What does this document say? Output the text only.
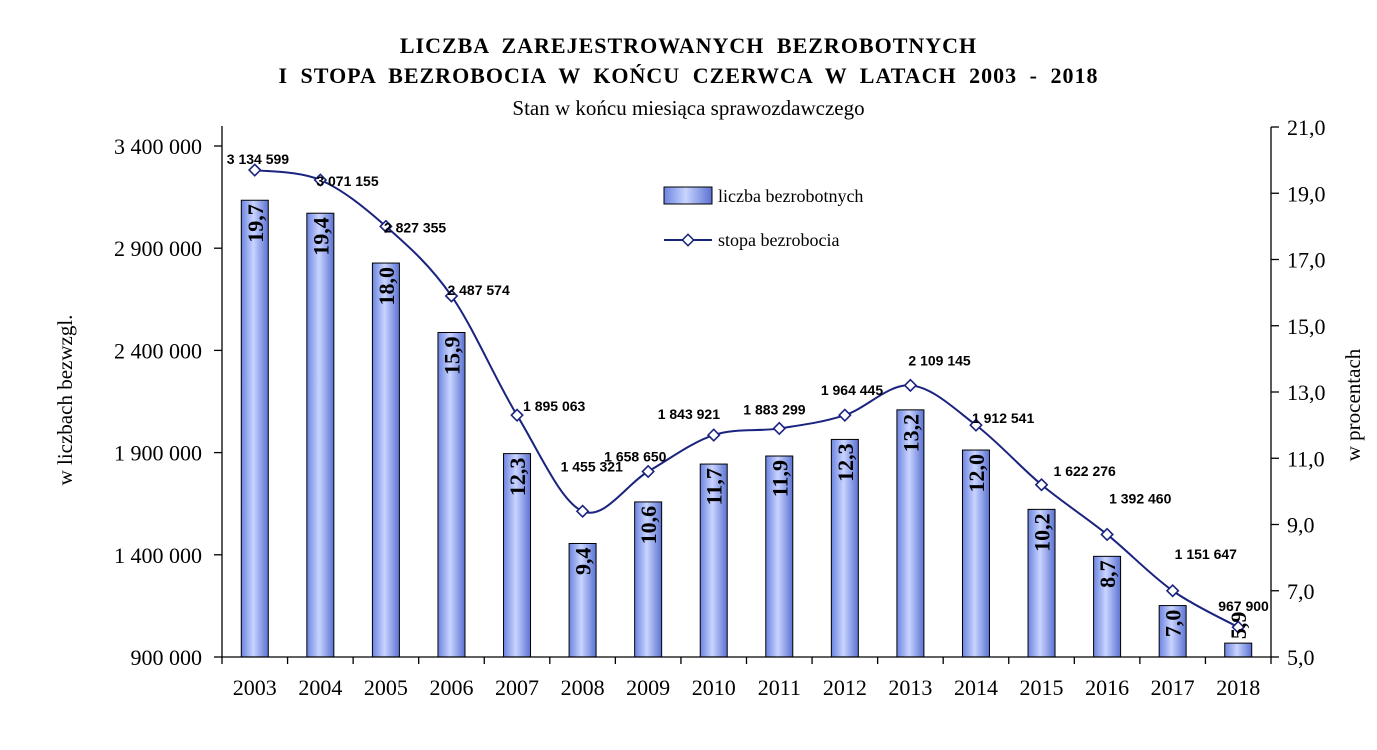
LICZBA ZAREJESTROWANYCH BEZROBOTNYCH
I STOPA BEZROBOCIA W KOŃCU CZERWCA W LATACH 2003 - 2018
Stan w końcu miesiąca sprawozdawczego
900 000
1 400 000
1 900 000
2 400 000
2 900 000
3 400 000
5,0
7,0
9,0
11,0
13,0
15,0
17,0
19,0
21,0
2003 2004 2005 2006 2007 2008 2009 2010 2011 2012 2013 2014 2015 2016 2017 2018
19,7 19,4
18,0
15,9
12,3
9,4
10,6
11,7 11,9 12,3
13,2
12,0
10,2
8,7
7,0 5,9
3 134 599
3 071 155
2 827 355
2 487 574
1 895 063
1 455 321
1 658 650
1 843 921 1 883 299
1 964 445
2 109 145
1 912 541
1 622 276
1 392 460
1 151 647
967 900
liczba bezrobotnych
stopa bezrobocia
w liczbach bezwzgl.	w procentach
